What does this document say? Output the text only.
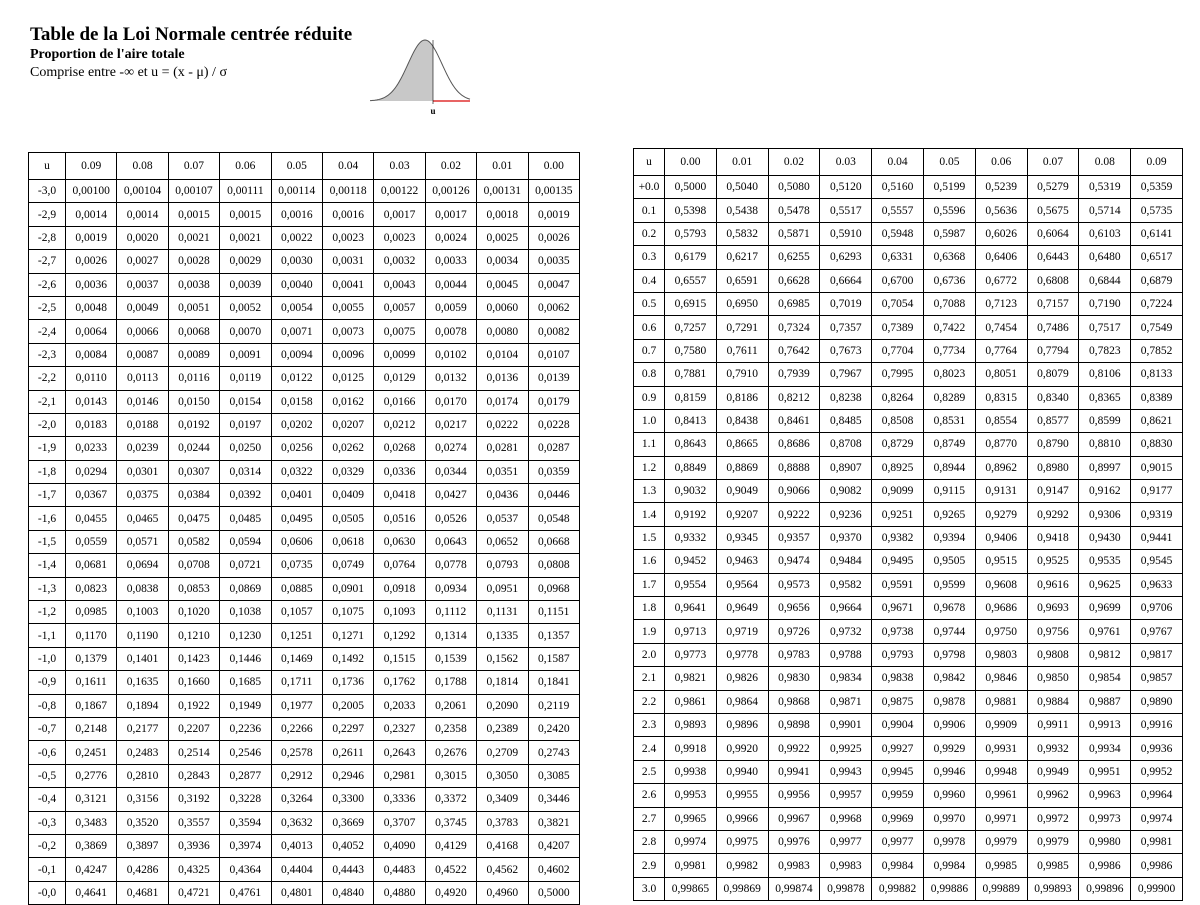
Table de la Loi Normale centrée réduite
Proportion de l'aire totale
Comprise entre -∞ et u = (x - μ) / σ
u
u	0.09	0.08	0.07	0.06	0.05	0.04	0.03	0.02	0.01	0.00
-3,0	0,00100	0,00104	0,00107	0,00111	0,00114	0,00118	0,00122	0,00126	0,00131	0,00135
-2,9	0,0014	0,0014	0,0015	0,0015	0,0016	0,0016	0,0017	0,0017	0,0018	0,0019
-2,8	0,0019	0,0020	0,0021	0,0021	0,0022	0,0023	0,0023	0,0024	0,0025	0,0026
-2,7	0,0026	0,0027	0,0028	0,0029	0,0030	0,0031	0,0032	0,0033	0,0034	0,0035
-2,6	0,0036	0,0037	0,0038	0,0039	0,0040	0,0041	0,0043	0,0044	0,0045	0,0047
-2,5	0,0048	0,0049	0,0051	0,0052	0,0054	0,0055	0,0057	0,0059	0,0060	0,0062
-2,4	0,0064	0,0066	0,0068	0,0070	0,0071	0,0073	0,0075	0,0078	0,0080	0,0082
-2,3	0,0084	0,0087	0,0089	0,0091	0,0094	0,0096	0,0099	0,0102	0,0104	0,0107
-2,2	0,0110	0,0113	0,0116	0,0119	0,0122	0,0125	0,0129	0,0132	0,0136	0,0139
-2,1	0,0143	0,0146	0,0150	0,0154	0,0158	0,0162	0,0166	0,0170	0,0174	0,0179
-2,0	0,0183	0,0188	0,0192	0,0197	0,0202	0,0207	0,0212	0,0217	0,0222	0,0228
-1,9	0,0233	0,0239	0,0244	0,0250	0,0256	0,0262	0,0268	0,0274	0,0281	0,0287
-1,8	0,0294	0,0301	0,0307	0,0314	0,0322	0,0329	0,0336	0,0344	0,0351	0,0359
-1,7	0,0367	0,0375	0,0384	0,0392	0,0401	0,0409	0,0418	0,0427	0,0436	0,0446
-1,6	0,0455	0,0465	0,0475	0,0485	0,0495	0,0505	0,0516	0,0526	0,0537	0,0548
-1,5	0,0559	0,0571	0,0582	0,0594	0,0606	0,0618	0,0630	0,0643	0,0652	0,0668
-1,4	0,0681	0,0694	0,0708	0,0721	0,0735	0,0749	0,0764	0,0778	0,0793	0,0808
-1,3	0,0823	0,0838	0,0853	0,0869	0,0885	0,0901	0,0918	0,0934	0,0951	0,0968
-1,2	0,0985	0,1003	0,1020	0,1038	0,1057	0,1075	0,1093	0,1112	0,1131	0,1151
-1,1	0,1170	0,1190	0,1210	0,1230	0,1251	0,1271	0,1292	0,1314	0,1335	0,1357
-1,0	0,1379	0,1401	0,1423	0,1446	0,1469	0,1492	0,1515	0,1539	0,1562	0,1587
-0,9	0,1611	0,1635	0,1660	0,1685	0,1711	0,1736	0,1762	0,1788	0,1814	0,1841
-0,8	0,1867	0,1894	0,1922	0,1949	0,1977	0,2005	0,2033	0,2061	0,2090	0,2119
-0,7	0,2148	0,2177	0,2207	0,2236	0,2266	0,2297	0,2327	0,2358	0,2389	0,2420
-0,6	0,2451	0,2483	0,2514	0,2546	0,2578	0,2611	0,2643	0,2676	0,2709	0,2743
-0,5	0,2776	0,2810	0,2843	0,2877	0,2912	0,2946	0,2981	0,3015	0,3050	0,3085
-0,4	0,3121	0,3156	0,3192	0,3228	0,3264	0,3300	0,3336	0,3372	0,3409	0,3446
-0,3	0,3483	0,3520	0,3557	0,3594	0,3632	0,3669	0,3707	0,3745	0,3783	0,3821
-0,2	0,3869	0,3897	0,3936	0,3974	0,4013	0,4052	0,4090	0,4129	0,4168	0,4207
-0,1	0,4247	0,4286	0,4325	0,4364	0,4404	0,4443	0,4483	0,4522	0,4562	0,4602
-0,0	0,4641	0,4681	0,4721	0,4761	0,4801	0,4840	0,4880	0,4920	0,4960	0,5000
u	0.00	0.01	0.02	0.03	0.04	0.05	0.06	0.07	0.08	0.09
+0.0	0,5000	0,5040	0,5080	0,5120	0,5160	0,5199	0,5239	0,5279	0,5319	0,5359
0.1	0,5398	0,5438	0,5478	0,5517	0,5557	0,5596	0,5636	0,5675	0,5714	0,5735
0.2	0,5793	0,5832	0,5871	0,5910	0,5948	0,5987	0,6026	0,6064	0,6103	0,6141
0.3	0,6179	0,6217	0,6255	0,6293	0,6331	0,6368	0,6406	0,6443	0,6480	0,6517
0.4	0,6557	0,6591	0,6628	0,6664	0,6700	0,6736	0,6772	0,6808	0,6844	0,6879
0.5	0,6915	0,6950	0,6985	0,7019	0,7054	0,7088	0,7123	0,7157	0,7190	0,7224
0.6	0,7257	0,7291	0,7324	0,7357	0,7389	0,7422	0,7454	0,7486	0,7517	0,7549
0.7	0,7580	0,7611	0,7642	0,7673	0,7704	0,7734	0,7764	0,7794	0,7823	0,7852
0.8	0,7881	0,7910	0,7939	0,7967	0,7995	0,8023	0,8051	0,8079	0,8106	0,8133
0.9	0,8159	0,8186	0,8212	0,8238	0,8264	0,8289	0,8315	0,8340	0,8365	0,8389
1.0	0,8413	0,8438	0,8461	0,8485	0,8508	0,8531	0,8554	0,8577	0,8599	0,8621
1.1	0,8643	0,8665	0,8686	0,8708	0,8729	0,8749	0,8770	0,8790	0,8810	0,8830
1.2	0,8849	0,8869	0,8888	0,8907	0,8925	0,8944	0,8962	0,8980	0,8997	0,9015
1.3	0,9032	0,9049	0,9066	0,9082	0,9099	0,9115	0,9131	0,9147	0,9162	0,9177
1.4	0,9192	0,9207	0,9222	0,9236	0,9251	0,9265	0,9279	0,9292	0,9306	0,9319
1.5	0,9332	0,9345	0,9357	0,9370	0,9382	0,9394	0,9406	0,9418	0,9430	0,9441
1.6	0,9452	0,9463	0,9474	0,9484	0,9495	0,9505	0,9515	0,9525	0,9535	0,9545
1.7	0,9554	0,9564	0,9573	0,9582	0,9591	0,9599	0,9608	0,9616	0,9625	0,9633
1.8	0,9641	0,9649	0,9656	0,9664	0,9671	0,9678	0,9686	0,9693	0,9699	0,9706
1.9	0,9713	0,9719	0,9726	0,9732	0,9738	0,9744	0,9750	0,9756	0,9761	0,9767
2.0	0,9773	0,9778	0,9783	0,9788	0,9793	0,9798	0,9803	0,9808	0,9812	0,9817
2.1	0,9821	0,9826	0,9830	0,9834	0,9838	0,9842	0,9846	0,9850	0,9854	0,9857
2.2	0,9861	0,9864	0,9868	0,9871	0,9875	0,9878	0,9881	0,9884	0,9887	0,9890
2.3	0,9893	0,9896	0,9898	0,9901	0,9904	0,9906	0,9909	0,9911	0,9913	0,9916
2.4	0,9918	0,9920	0,9922	0,9925	0,9927	0,9929	0,9931	0,9932	0,9934	0,9936
2.5	0,9938	0,9940	0,9941	0,9943	0,9945	0,9946	0,9948	0,9949	0,9951	0,9952
2.6	0,9953	0,9955	0,9956	0,9957	0,9959	0,9960	0,9961	0,9962	0,9963	0,9964
2.7	0,9965	0,9966	0,9967	0,9968	0,9969	0,9970	0,9971	0,9972	0,9973	0,9974
2.8	0,9974	0,9975	0,9976	0,9977	0,9977	0,9978	0,9979	0,9979	0,9980	0,9981
2.9	0,9981	0,9982	0,9983	0,9983	0,9984	0,9984	0,9985	0,9985	0,9986	0,9986
3.0	0,99865	0,99869	0,99874	0,99878	0,99882	0,99886	0,99889	0,99893	0,99896	0,99900
